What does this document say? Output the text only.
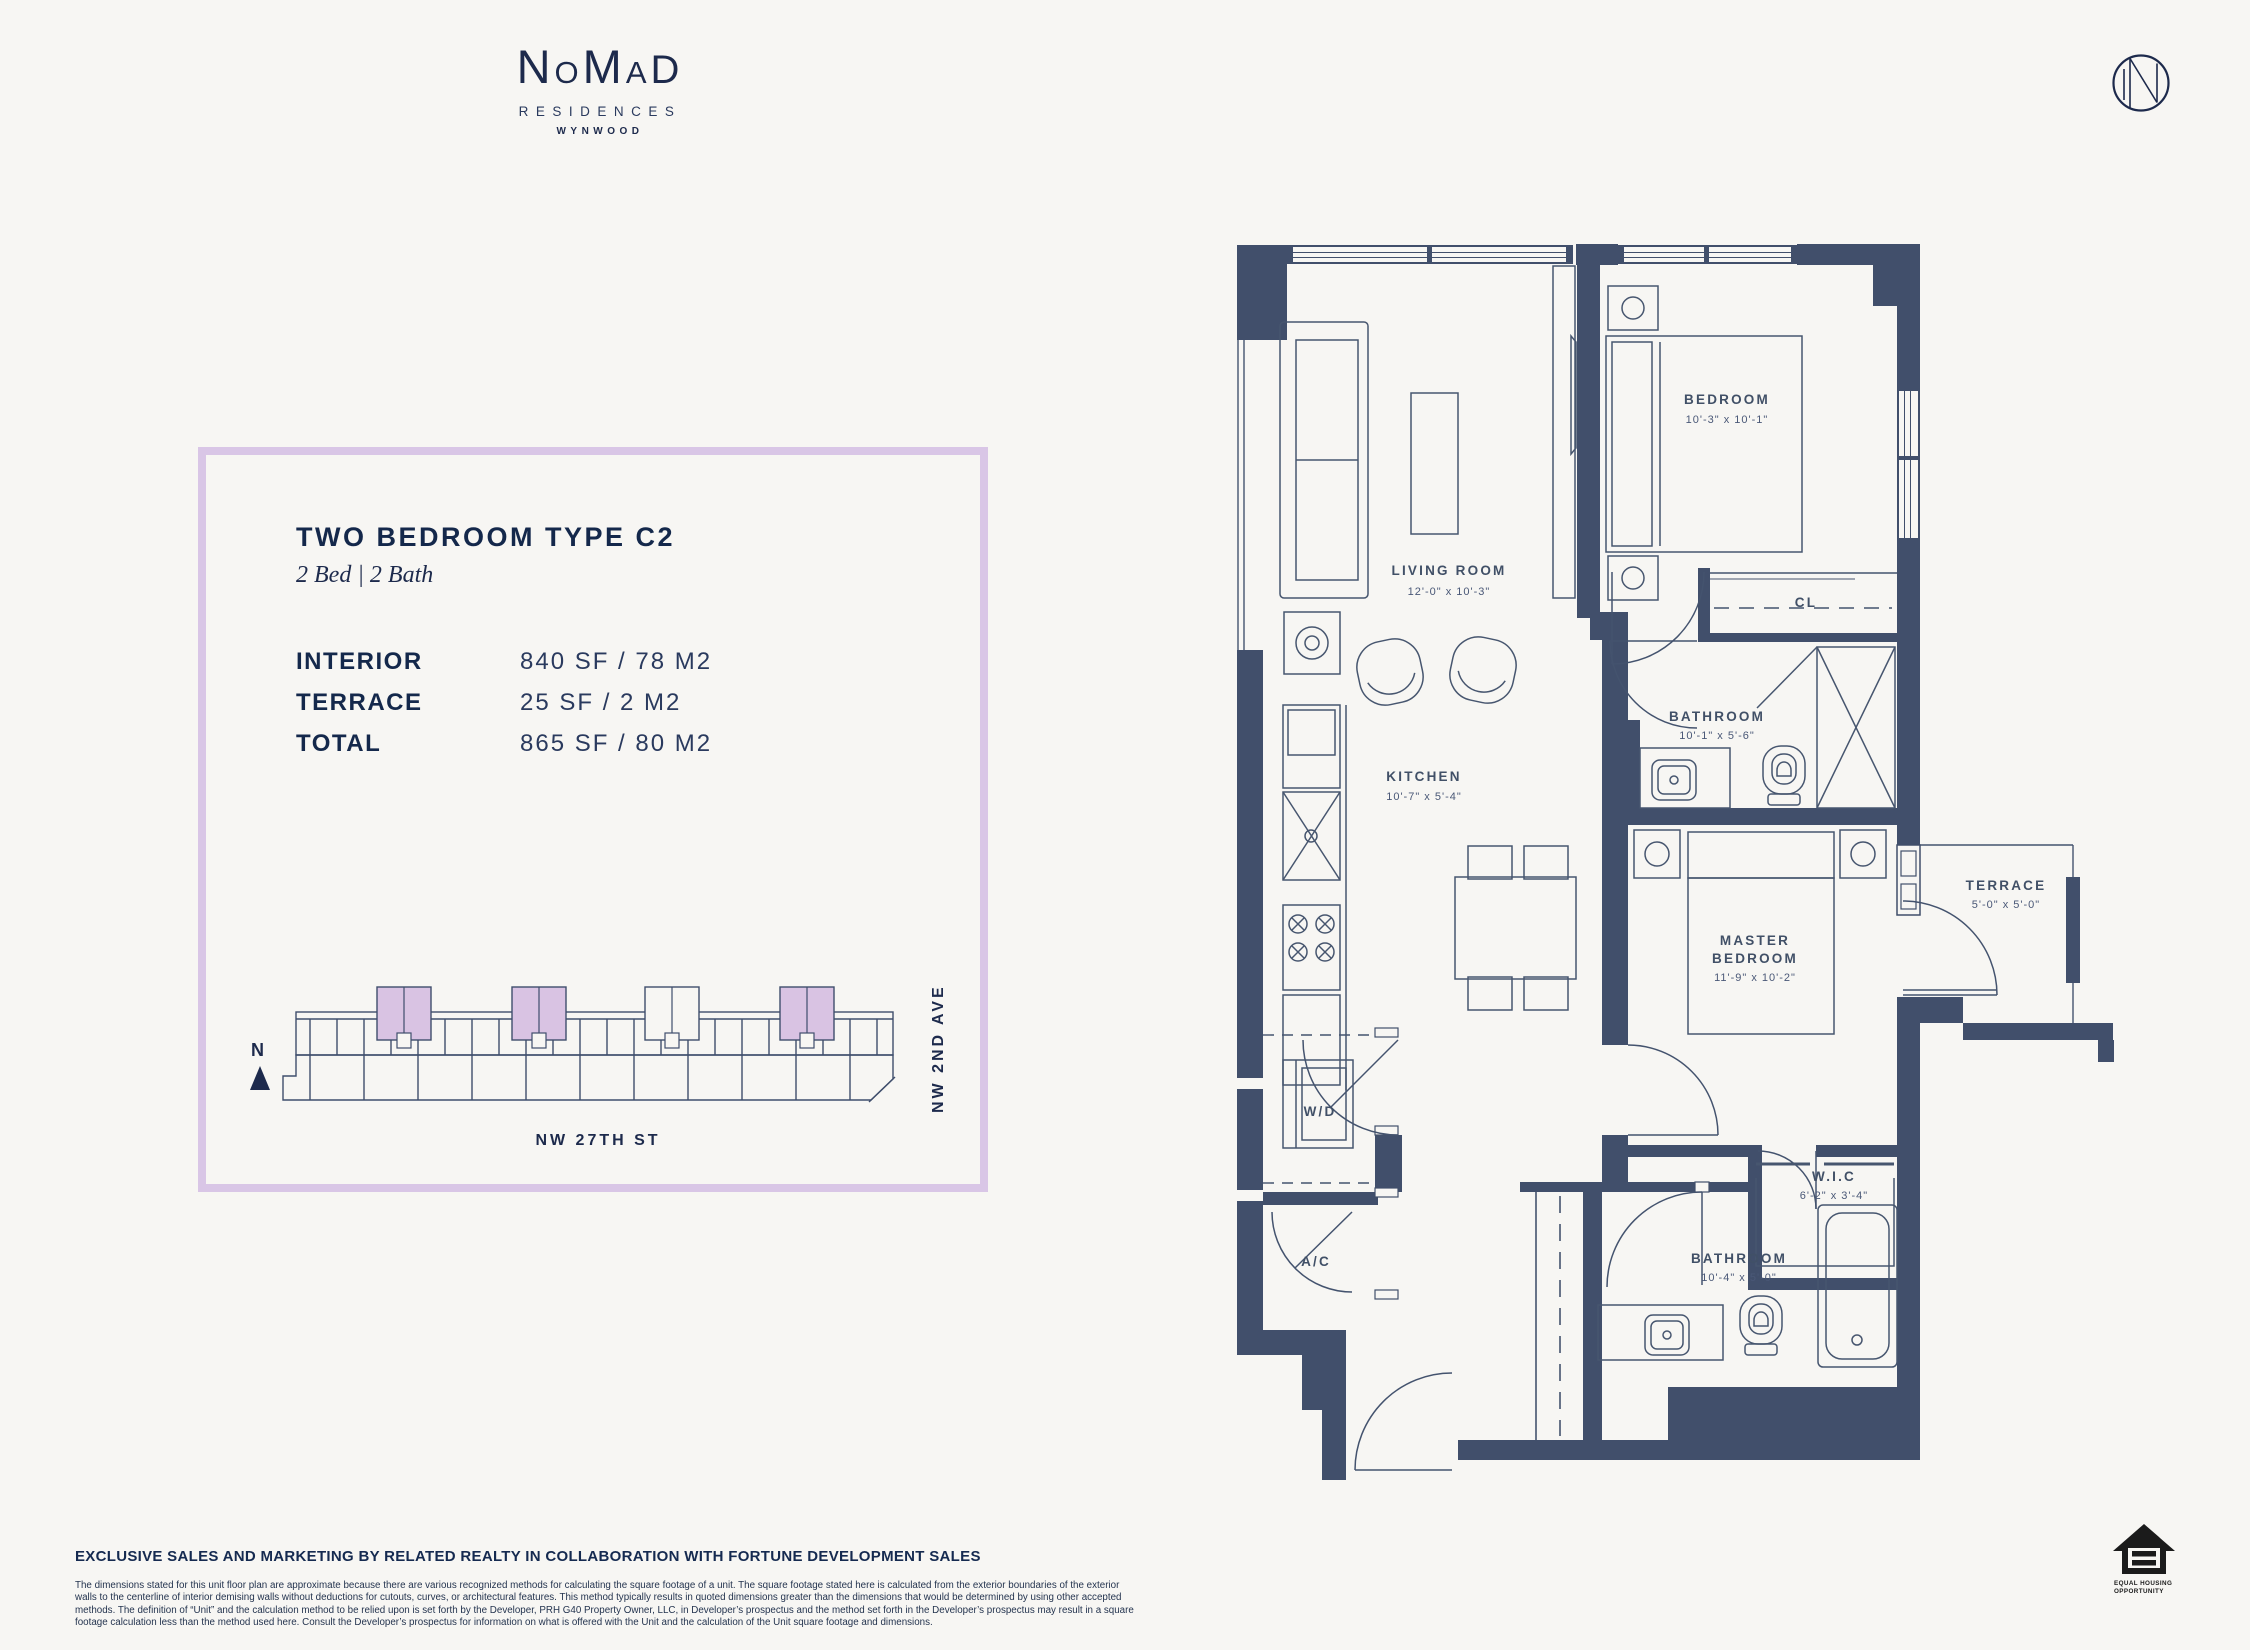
NOMAD
RESIDENCES
WYNWOOD
TWO BEDROOM TYPE C2
2 Bed | 2 Bath
INTERIOR	840 SF / 78 M2
TERRACE	25 SF / 2 M2
TOTAL	865 SF / 80 M2
N
NW 27TH ST
NW 2ND AVE
LIVING ROOM
12'-0" x 10'-3"
BEDROOM
10'-3" x 10'-1"
KITCHEN
10'-7" x 5'-4"
BATHROOM
10'-1" x 5'-6"
CL
TERRACE
5'-0" x 5'-0"
MASTER
BEDROOM
11'-9" x 10'-2"
W/D
A/C
W.I.C
6'-2" x 3'-4"
BATHROOM
10'-4" x 5'-0"
EXCLUSIVE SALES AND MARKETING BY RELATED REALTY IN COLLABORATION WITH FORTUNE DEVELOPMENT SALES
The dimensions stated for this unit floor plan are approximate because there are various recognized methods for calculating the square footage of a unit. The square footage stated here is calculated from the exterior boundaries of the exterior
walls to the centerline of interior demising walls without deductions for cutouts, curves, or architectural features. This method typically results in quoted dimensions greater than the dimensions that would be determined by using other accepted
methods. The definition of “Unit” and the calculation method to be relied upon is set forth by the Developer, PRH G40 Property Owner, LLC, in Developer’s prospectus and the method set forth in the Developer’s prospectus may result in a square
footage calculation less than the method used here. Consult the Developer’s prospectus for information on what is offered with the Unit and the calculation of the Unit square footage and dimensions.
EQUAL HOUSING
OPPORTUNITY
